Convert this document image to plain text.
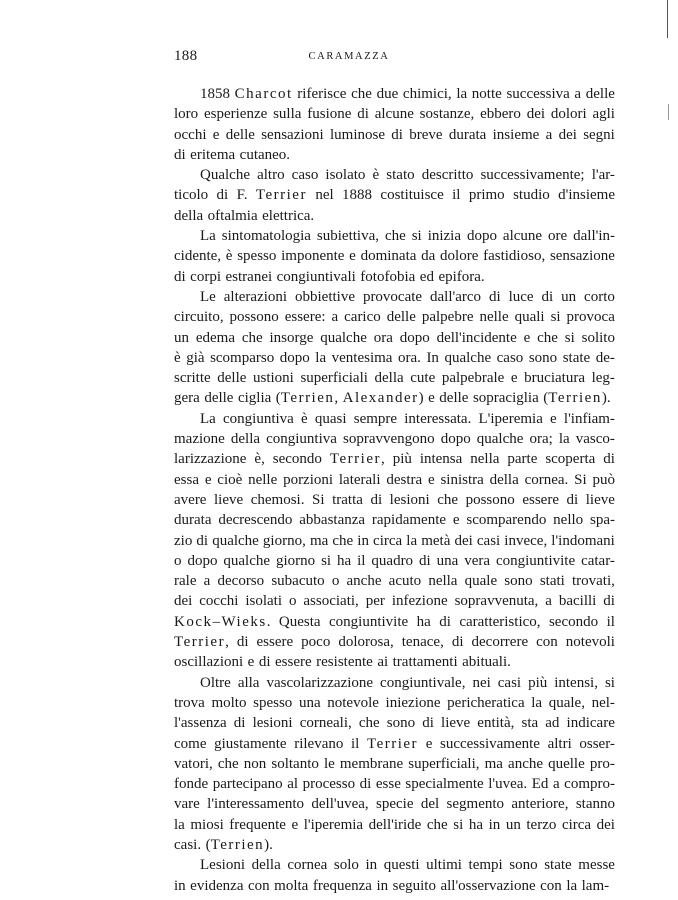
188	CARAMAZZA
1858 Charcot riferisce che due chimici, la notte successiva a delle
loro esperienze sulla fusione di alcune sostanze, ebbero dei dolori agli
occhi e delle sensazioni luminose di breve durata insieme a dei segni
di eritema cutaneo.
Qualche altro caso isolato è stato descritto successivamente; l'ar-
ticolo di F. Terrier nel 1888 costituisce il primo studio d'insieme
della oftalmia elettrica.
La sintomatologia subiettiva, che si inizia dopo alcune ore dall'in-
cidente, è spesso imponente e dominata da dolore fastidioso, sensazione
di corpi estranei congiuntivali fotofobia ed epifora.
Le alterazioni obbiettive provocate dall'arco di luce di un corto
circuito, possono essere: a carico delle palpebre nelle quali si provoca
un edema che insorge qualche ora dopo dell'incidente e che si solito
è già scomparso dopo la ventesima ora. In qualche caso sono state de-
scritte delle ustioni superficiali della cute palpebrale e bruciatura leg-
gera delle ciglia (Terrien, Alexander) e delle sopraciglia (Terrien).
La congiuntiva è quasi sempre interessata. L'iperemia e l'infiam-
mazione della congiuntiva sopravvengono dopo qualche ora; la vasco-
larizzazione è, secondo Terrier, più intensa nella parte scoperta di
essa e cioè nelle porzioni laterali destra e sinistra della cornea. Si può
avere lieve chemosi. Si tratta di lesioni che possono essere di lieve
durata decrescendo abbastanza rapidamente e scomparendo nello spa-
zio di qualche giorno, ma che in circa la metà dei casi invece, l'indomani
o dopo qualche giorno si ha il quadro di una vera congiuntivite catar-
rale a decorso subacuto o anche acuto nella quale sono stati trovati,
dei cocchi isolati o associati, per infezione sopravvenuta, a bacilli di
Kock–Wieks. Questa congiuntivite ha di caratteristico, secondo il
Terrier, di essere poco dolorosa, tenace, di decorrere con notevoli
oscillazioni e di essere resistente ai trattamenti abituali.
Oltre alla vascolarizzazione congiuntivale, nei casi più intensi, si
trova molto spesso una notevole iniezione pericheratica la quale, nel-
l'assenza di lesioni corneali, che sono di lieve entità, sta ad indicare
come giustamente rilevano il Terrier e successivamente altri osser-
vatori, che non soltanto le membrane superficiali, ma anche quelle pro-
fonde partecipano al processo di esse specialmente l'uvea. Ed a compro-
vare l'interessamento dell'uvea, specie del segmento anteriore, stanno
la miosi frequente e l'iperemia dell'iride che si ha in un terzo circa dei
casi. (Terrien).
Lesioni della cornea solo in questi ultimi tempi sono state messe
in evidenza con molta frequenza in seguito all'osservazione con la lam-
